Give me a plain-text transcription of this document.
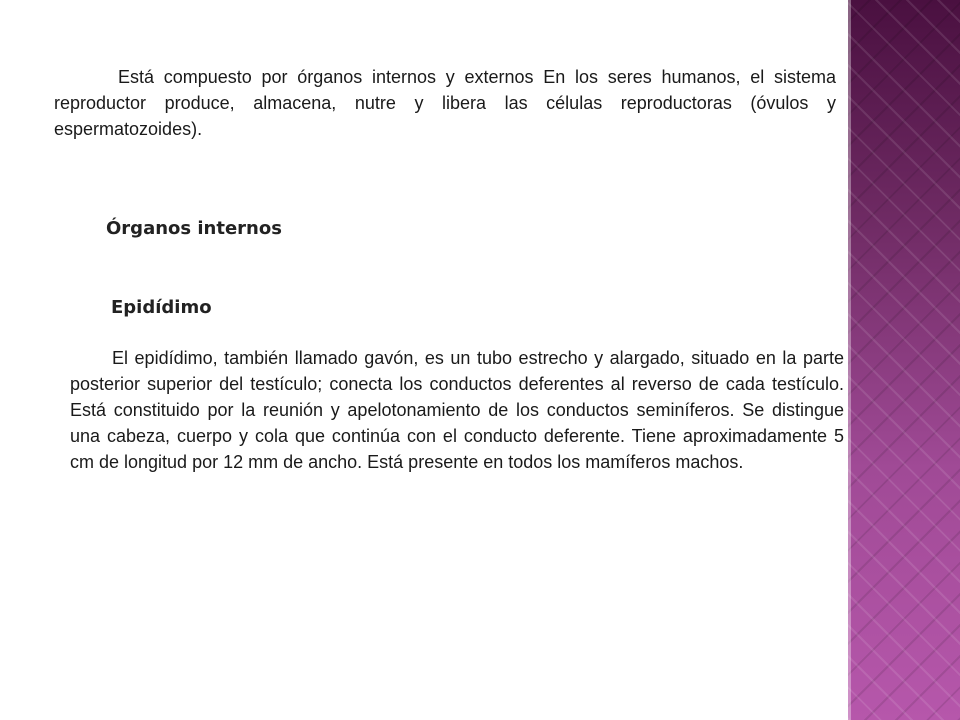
Está compuesto por órganos internos y externos En los seres humanos, el sistema reproductor produce, almacena, nutre y libera las células reproductoras (óvulos y espermatozoides).

Órganos internos
Epidídimo

El epidídimo, también llamado gavón, es un tubo estrecho y alargado, situado en la parte posterior superior del testículo; conecta los conductos deferentes al reverso de cada testículo. Está constituido por la reunión y apelotonamiento de los conductos seminíferos. Se distingue una cabeza, cuerpo y cola que continúa con el conducto deferente. Tiene aproximadamente 5 cm de longitud por 12 mm de ancho. Está presente en todos los mamíferos machos.
